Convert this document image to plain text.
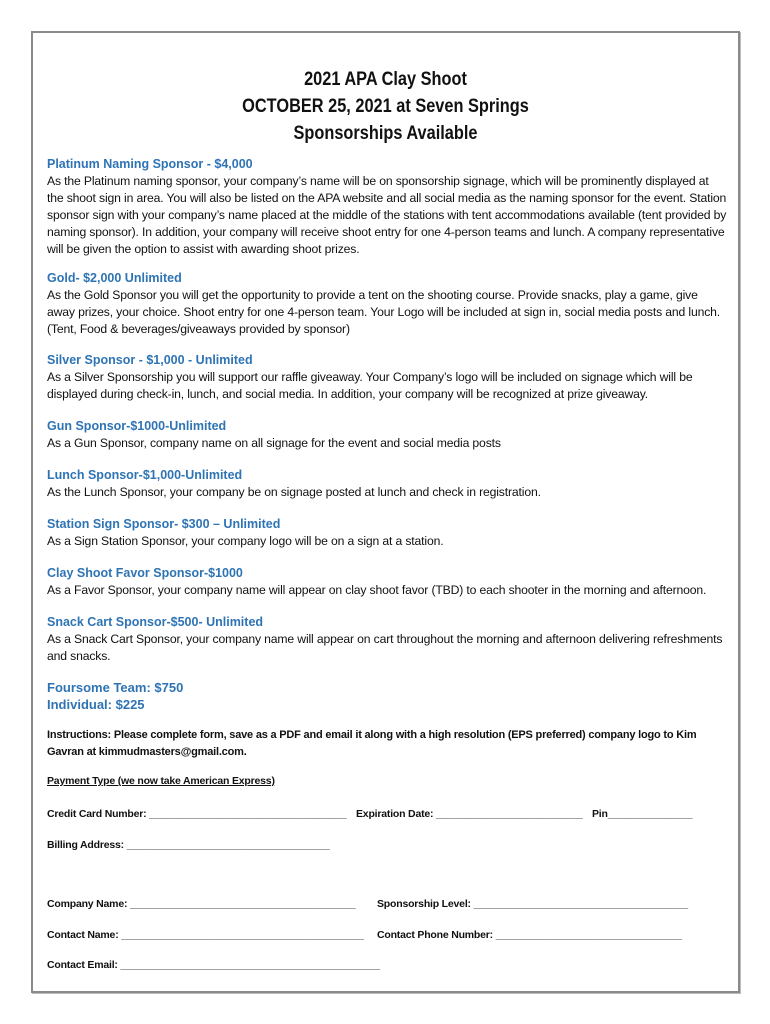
2021 APA Clay Shoot
OCTOBER 25, 2021 at Seven Springs
Sponsorships Available
Platinum Naming Sponsor - $4,000
As the Platinum naming sponsor, your company’s name will be on sponsorship signage, which will be prominently displayed at the shoot sign in area. You will also be listed on the APA website and all social media as the naming sponsor for the event. Station sponsor sign with your company’s name placed at the middle of the stations with tent accommodations available (tent provided by naming sponsor). In addition, your company will receive shoot entry for one 4-person teams and lunch. A company representative will be given the option to assist with awarding shoot prizes.
Gold- $2,000 Unlimited
As the Gold Sponsor you will get the opportunity to provide a tent on the shooting course. Provide snacks, play a game, give away prizes, your choice. Shoot entry for one 4-person team. Your Logo will be included at sign in, social media posts and lunch. (Tent, Food & beverages/giveaways provided by sponsor)
Silver Sponsor - $1,000 - Unlimited
As a Silver Sponsorship you will support our raffle giveaway. Your Company’s logo will be included on signage which will be displayed during check-in, lunch, and social media. In addition, your company will be recognized at prize giveaway.
Gun Sponsor-$1000-Unlimited
As a Gun Sponsor, company name on all signage for the event and social media posts
Lunch Sponsor-$1,000-Unlimited
As the Lunch Sponsor, your company be on signage posted at lunch and check in registration.
Station Sign Sponsor- $300 – Unlimited
As a Sign Station Sponsor, your company logo will be on a sign at a station.
Clay Shoot Favor Sponsor-$1000
As a Favor Sponsor, your company name will appear on clay shoot favor (TBD) to each shooter in the morning and afternoon.
Snack Cart Sponsor-$500- Unlimited
As a Snack Cart Sponsor, your company name will appear on cart throughout the morning and afternoon delivering refreshments and snacks.
Foursome Team: $750
Individual: $225
Instructions: Please complete form, save as a PDF and email it along with a high resolution (EPS preferred) company logo to Kim Gavran at kimmudmasters@gmail.com.
Payment Type (we now take American Express)
Credit Card Number: ___________________________________ Expiration Date: __________________________ Pin_______________
Billing Address: ____________________________________
Company Name: ________________________________________ Sponsorship Level: ______________________________________
Contact Name: ___________________________________________ Contact Phone Number: _________________________________
Contact Email: ______________________________________________
